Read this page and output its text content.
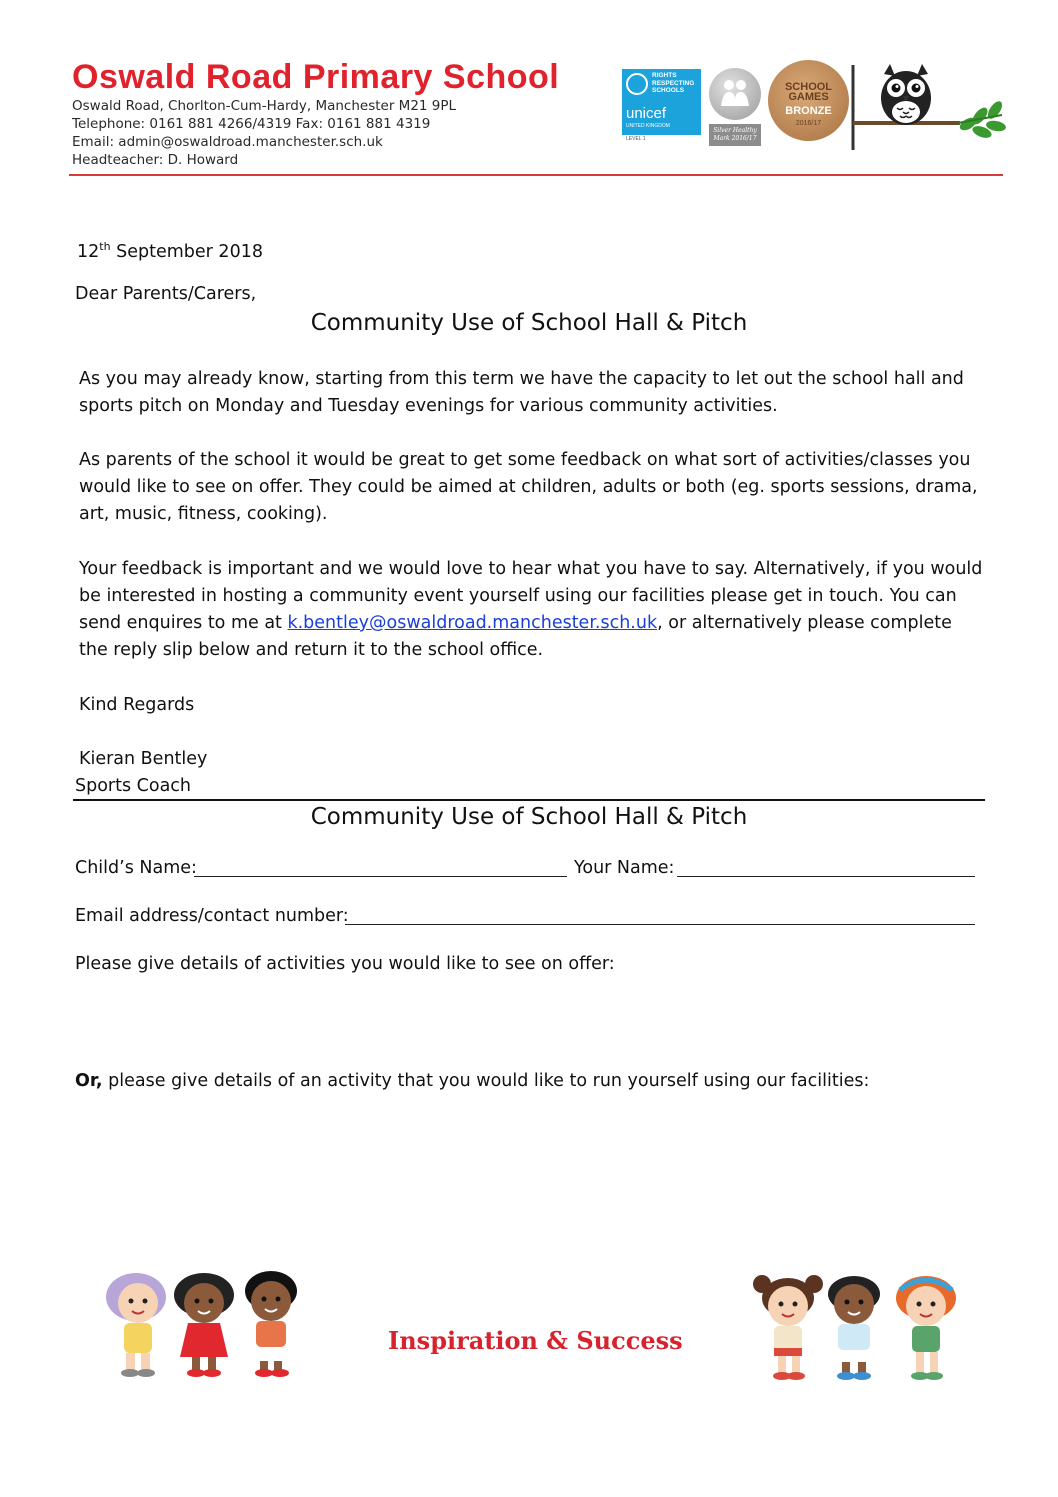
Oswald Road Primary School
Oswald Road, Chorlton-Cum-Hardy, Manchester M21 9PL
Telephone: 0161 881 4266/4319 Fax: 0161 881 4319
Email: admin@oswaldroad.manchester.sch.uk
Headteacher: D. Howard
RIGHTS
RESPECTING
SCHOOLS
unicef
UNITED KINGDOM
LEVEL 1
Silver Healthy
Mark 2016/17
SCHOOL
GAMES
BRONZE
2016/17
12th September 2018
Dear Parents/Carers,
Community Use of School Hall & Pitch
As you may already know, starting from this term we have the capacity to let out the school hall and sports pitch on Monday and Tuesday evenings for various community activities.
As parents of the school it would be great to get some feedback on what sort of activities/classes you would like to see on offer. They could be aimed at children, adults or both (eg. sports sessions, drama, art, music, fitness, cooking).
Your feedback is important and we would love to hear what you have to say. Alternatively, if you would be interested in hosting a community event yourself using our facilities please get in touch. You can send enquires to me at k.bentley@oswaldroad.manchester.sch.uk, or alternatively please complete the reply slip below and return it to the school office.
Kind Regards
Kieran Bentley
Sports Coach
Community Use of School Hall & Pitch
Child’s Name:	Your Name:
Email address/contact number:
Please give details of activities you would like to see on offer:
Or, please give details of an activity that you would like to run yourself using our facilities:
Inspiration & Success
